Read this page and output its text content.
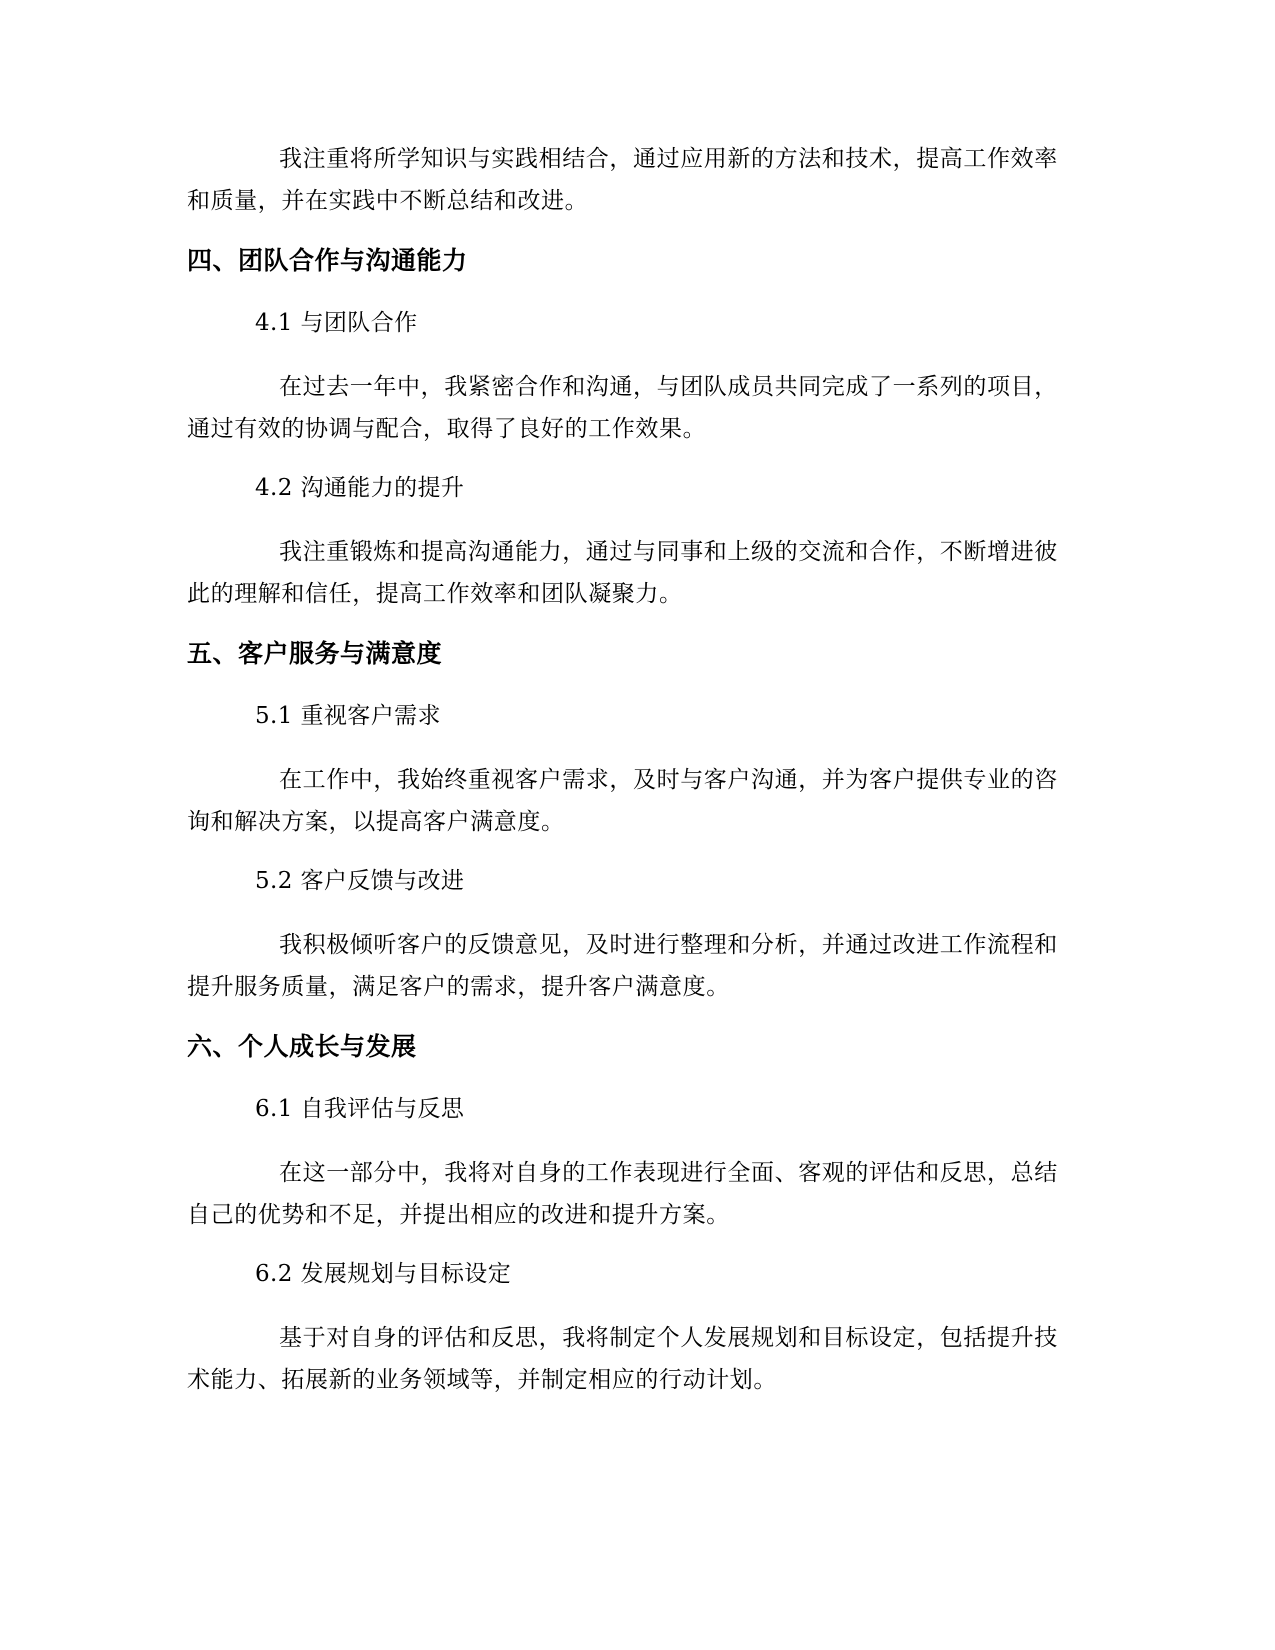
我注重将所学知识与实践相结合，通过应用新的方法和技术，提高工作效率和质量，并在实践中不断总结和改进。

四、团队合作与沟通能力

4.1 与团队合作

在过去一年中，我紧密合作和沟通，与团队成员共同完成了一系列的项目，通过有效的协调与配合，取得了良好的工作效果。

4.2 沟通能力的提升

我注重锻炼和提高沟通能力，通过与同事和上级的交流和合作，不断增进彼此的理解和信任，提高工作效率和团队凝聚力。

五、客户服务与满意度

5.1 重视客户需求

在工作中，我始终重视客户需求，及时与客户沟通，并为客户提供专业的咨询和解决方案，以提高客户满意度。

5.2 客户反馈与改进

我积极倾听客户的反馈意见，及时进行整理和分析，并通过改进工作流程和提升服务质量，满足客户的需求，提升客户满意度。

六、个人成长与发展

6.1 自我评估与反思

在这一部分中，我将对自身的工作表现进行全面、客观的评估和反思，总结自己的优势和不足，并提出相应的改进和提升方案。

6.2 发展规划与目标设定

基于对自身的评估和反思，我将制定个人发展规划和目标设定，包括提升技术能力、拓展新的业务领域等，并制定相应的行动计划。
